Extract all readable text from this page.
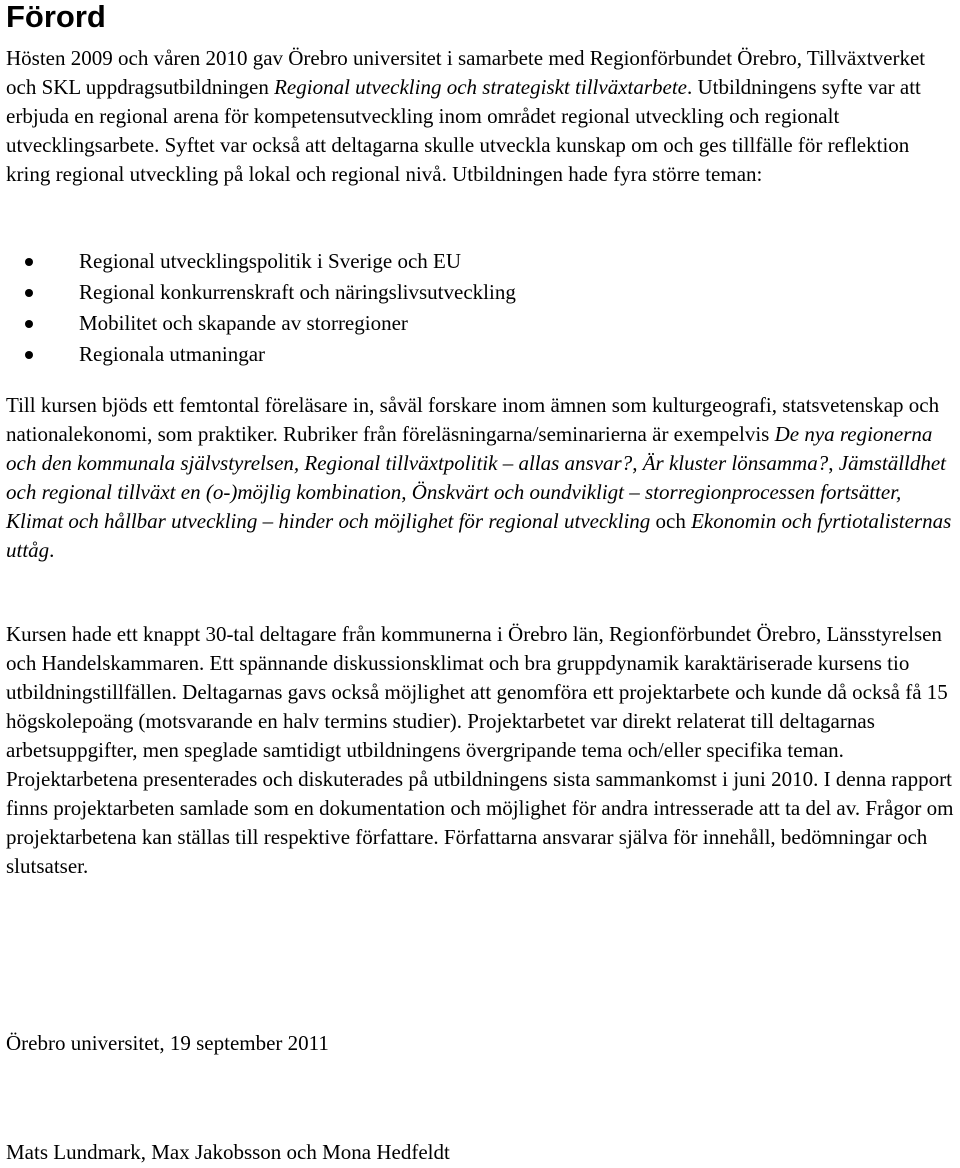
Förord

Hösten 2009 och våren 2010 gav Örebro universitet i samarbete med Regionförbundet Örebro, Tillväxtverket och SKL uppdragsutbildningen Regional utveckling och strategiskt tillväxtarbete. Utbildningens syfte var att erbjuda en regional arena för kompetensutveckling inom området regional utveckling och regionalt utvecklingsarbete. Syftet var också att deltagarna skulle utveckla kunskap om och ges tillfälle för reflektion kring regional utveckling på lokal och regional nivå. Utbildningen hade fyra större teman:

Regional utvecklingspolitik i Sverige och EU
Regional konkurrenskraft och näringslivsutveckling
Mobilitet och skapande av storregioner
Regionala utmaningar

Till kursen bjöds ett femtontal föreläsare in, såväl forskare inom ämnen som kulturgeografi, statsvetenskap och nationalekonomi, som praktiker. Rubriker från föreläsningarna/seminarierna är exempelvis De nya regionerna och den kommunala självstyrelsen, Regional tillväxtpolitik – allas ansvar?, Är kluster lönsamma?, Jämställdhet och regional tillväxt en (o-)möjlig kombination, Önskvärt och oundvikligt – storregionprocessen fortsätter, Klimat och hållbar utveckling – hinder och möjlighet för regional utveckling och Ekonomin och fyrtiotalisternas uttåg.

Kursen hade ett knappt 30-tal deltagare från kommunerna i Örebro län, Regionförbundet Örebro, Länsstyrelsen och Handelskammaren. Ett spännande diskussionsklimat och bra gruppdynamik karaktäriserade kursens tio utbildningstillfällen. Deltagarnas gavs också möjlighet att genomföra ett projektarbete och kunde då också få 15 högskolepoäng (motsvarande en halv termins studier). Projektarbetet var direkt relaterat till deltagarnas arbetsuppgifter, men speglade samtidigt utbildningens övergripande tema och/eller specifika teman. Projektarbetena presenterades och diskuterades på utbildningens sista sammankomst i juni 2010. I denna rapport finns projektarbeten samlade som en dokumentation och möjlighet för andra intresserade att ta del av. Frågor om projektarbetena kan ställas till respektive författare. Författarna ansvarar själva för innehåll, bedömningar och slutsatser.

Örebro universitet, 19 september 2011

Mats Lundmark, Max Jakobsson och Mona Hedfeldt
